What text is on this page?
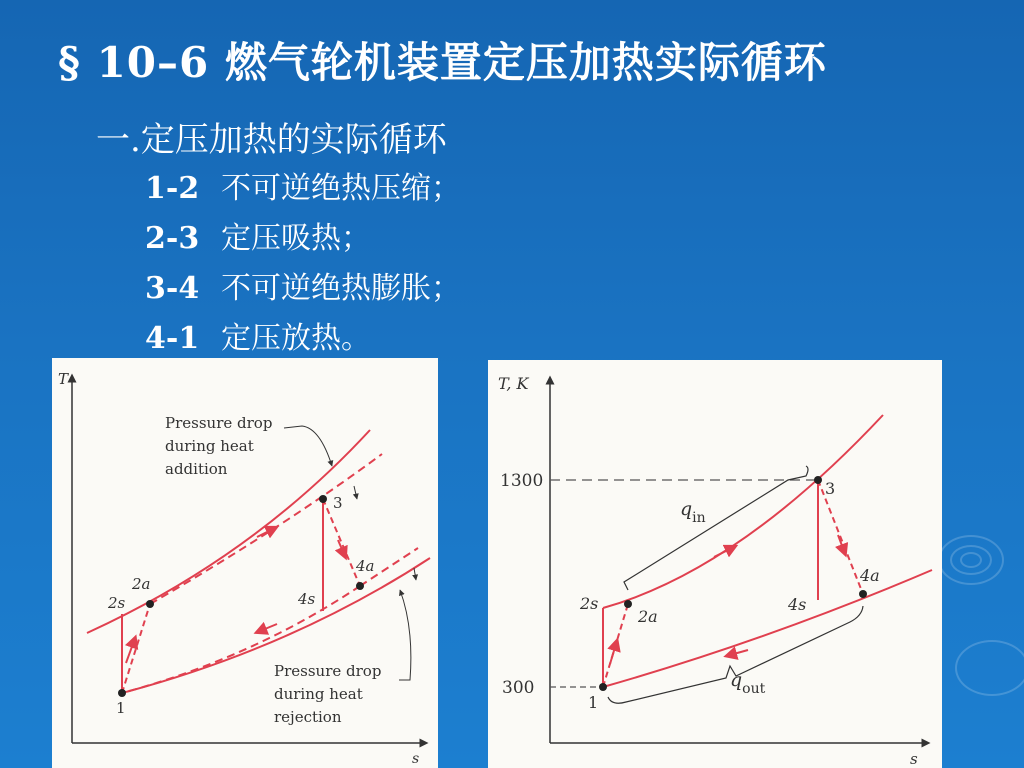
§ 10–6 燃气轮机装置定压加热实际循环
一.定压加热的实际循环
1-2 不可逆绝热压缩；
2-3 定压吸热；
3-4 不可逆绝热膨胀；
4-1 定压放热。
T
s
1
2s
2a
3
4s
4a
Pressure drop
during heat
addition
Pressure drop
during heat
rejection
T, K
s
1300
300
1
2s
2a
3
4s
4a
$q_{in}$
$q_{out}$
